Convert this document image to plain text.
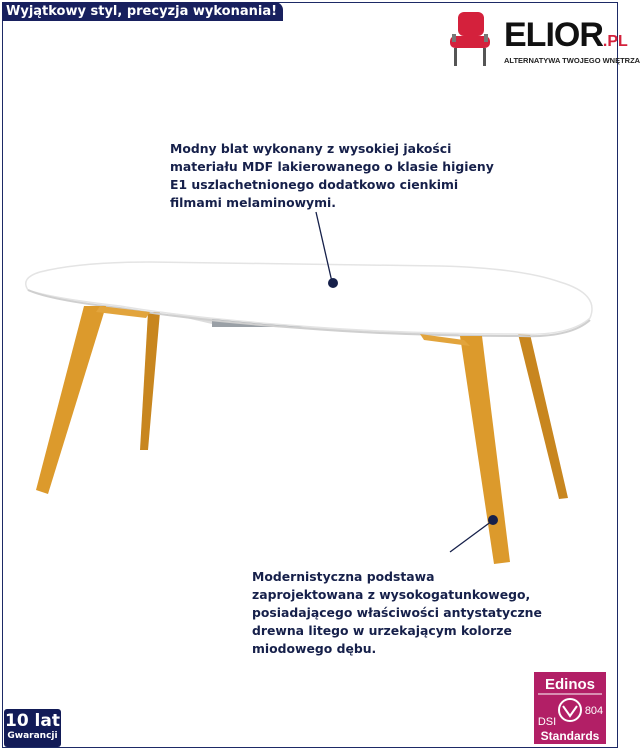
Wyjątkowy styl, precyzja wykonania!
ELIOR.PL
ALTERNATYWA TWOJEGO WNĘTRZA
Modny blat wykonany z wysokiej jakości
materiału MDF lakierowanego o klasie higieny
E1 uszlachetnionego dodatkowo cienkimi
filmami melaminowymi.
Modernistyczna podstawa
zaprojektowana z wysokogatunkowego,
posiadającego właściwości antystatyczne
drewna litego w urzekającym kolorze
miodowego dębu.
10 lat
Gwarancji
Edinos
DSI
804
Standards
